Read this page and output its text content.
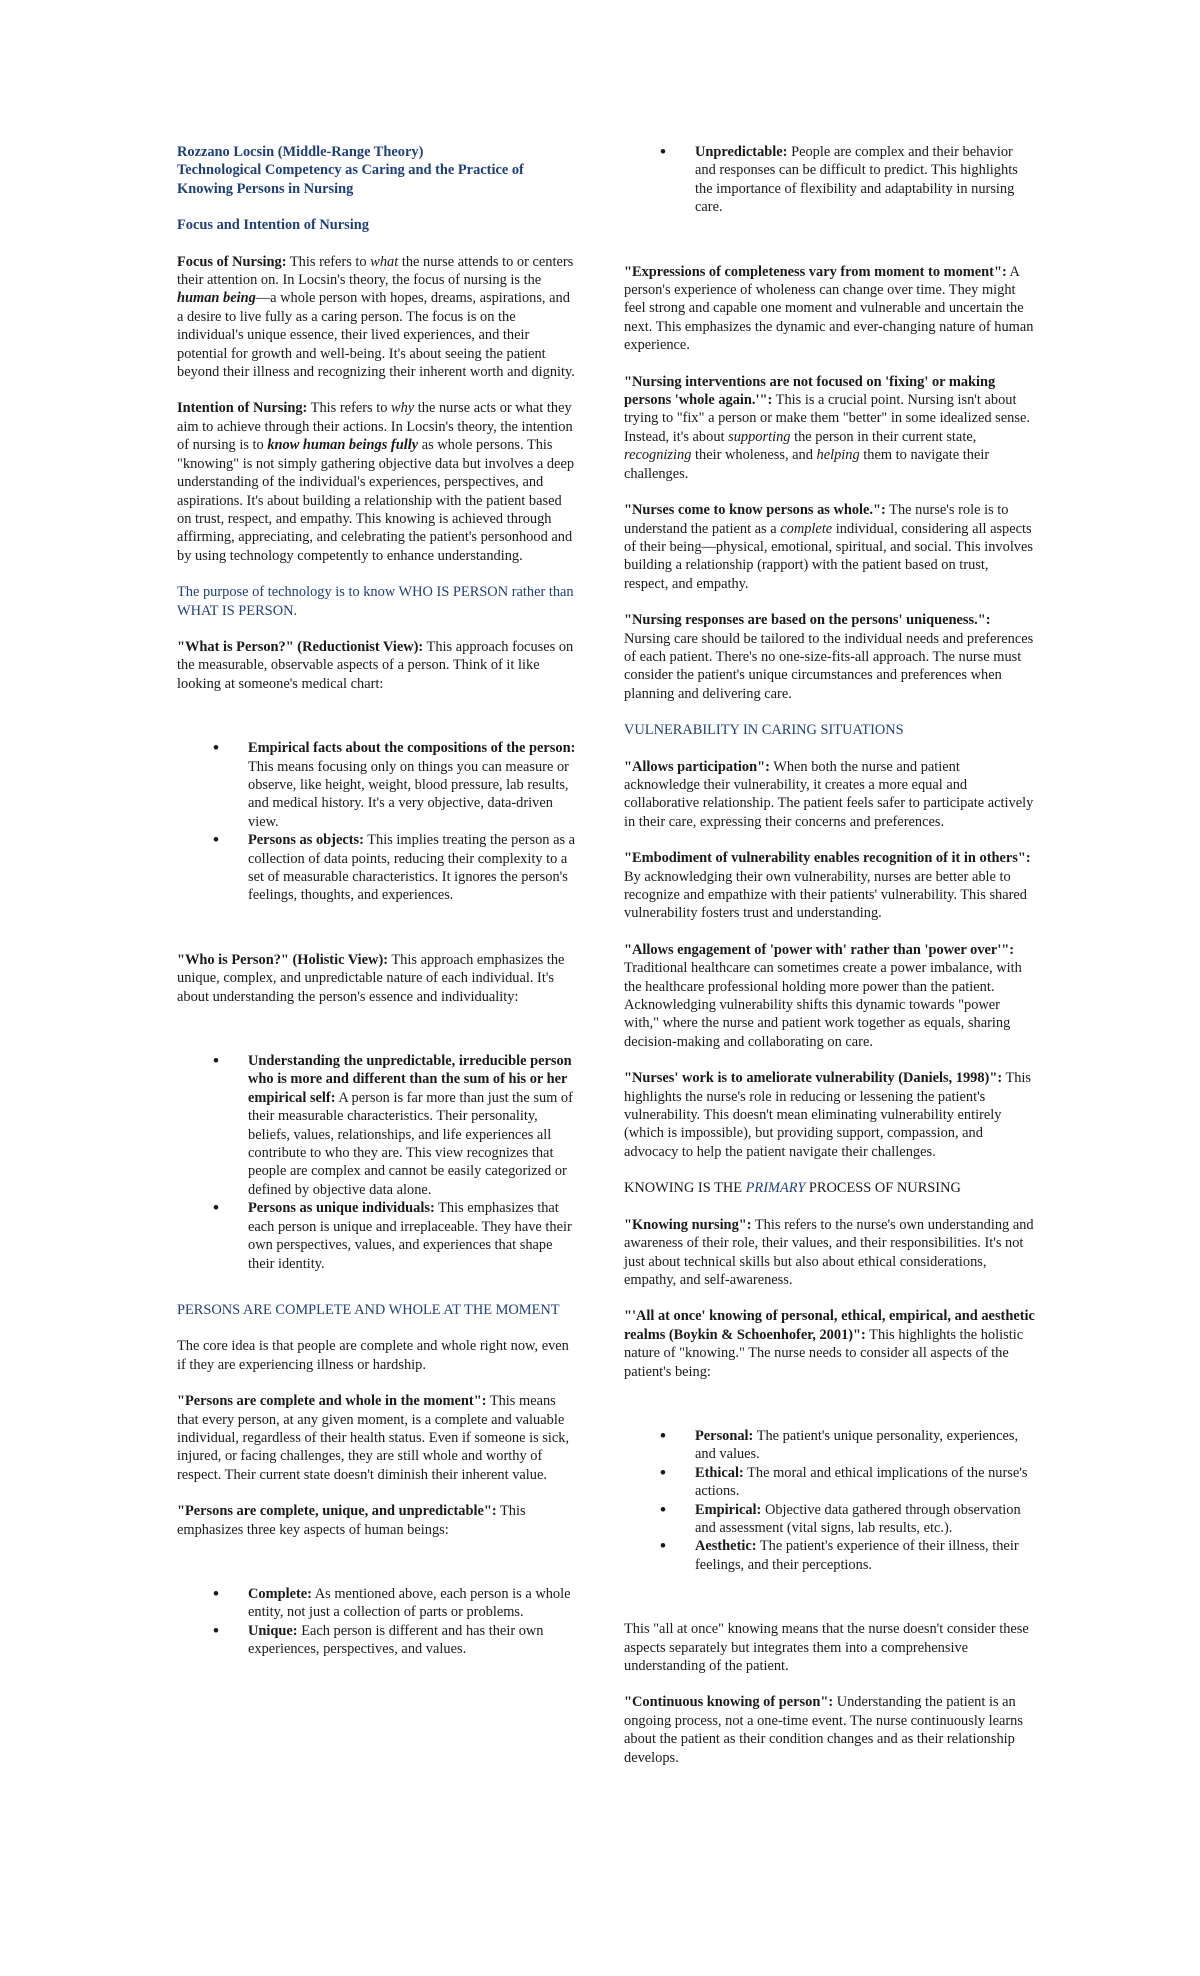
Rozzano Locsin (Middle-Range Theory)
Technological Competency as Caring and the Practice of Knowing Persons in Nursing

Focus and Intention of Nursing

Focus of Nursing: This refers to what the nurse attends to or centers their attention on. In Locsin's theory, the focus of nursing is the human being—a whole person with hopes, dreams, aspirations, and a desire to live fully as a caring person. The focus is on the individual's unique essence, their lived experiences, and their potential for growth and well-being. It's about seeing the patient beyond their illness and recognizing their inherent worth and dignity.

Intention of Nursing: This refers to why the nurse acts or what they aim to achieve through their actions. In Locsin's theory, the intention of nursing is to know human beings fully as whole persons. This "knowing" is not simply gathering objective data but involves a deep understanding of the individual's experiences, perspectives, and aspirations. It's about building a relationship with the patient based on trust, respect, and empathy. This knowing is achieved through affirming, appreciating, and celebrating the patient's personhood and by using technology competently to enhance understanding.

The purpose of technology is to know WHO IS PERSON rather than WHAT IS PERSON.

"What is Person?" (Reductionist View): This approach focuses on the measurable, observable aspects of a person. Think of it like looking at someone's medical chart:

• Empirical facts about the compositions of the person: This means focusing only on things you can measure or observe, like height, weight, blood pressure, lab results, and medical history. It's a very objective, data-driven view.
• Persons as objects: This implies treating the person as a collection of data points, reducing their complexity to a set of measurable characteristics. It ignores the person's feelings, thoughts, and experiences.

"Who is Person?" (Holistic View): This approach emphasizes the unique, complex, and unpredictable nature of each individual. It's about understanding the person's essence and individuality:

• Understanding the unpredictable, irreducible person who is more and different than the sum of his or her empirical self: A person is far more than just the sum of their measurable characteristics. Their personality, beliefs, values, relationships, and life experiences all contribute to who they are. This view recognizes that people are complex and cannot be easily categorized or defined by objective data alone.
• Persons as unique individuals: This emphasizes that each person is unique and irreplaceable. They have their own perspectives, values, and experiences that shape their identity.
PERSONS ARE COMPLETE AND WHOLE AT THE MOMENT

The core idea is that people are complete and whole right now, even if they are experiencing illness or hardship.

"Persons are complete and whole in the moment": This means that every person, at any given moment, is a complete and valuable individual, regardless of their health status. Even if someone is sick, injured, or facing challenges, they are still whole and worthy of respect. Their current state doesn't diminish their inherent value.

"Persons are complete, unique, and unpredictable": This emphasizes three key aspects of human beings:

• Complete: As mentioned above, each person is a whole entity, not just a collection of parts or problems.
• Unique: Each person is different and has their own experiences, perspectives, and values.
• Unpredictable: People are complex and their behavior and responses can be difficult to predict. This highlights the importance of flexibility and adaptability in nursing care.

"Expressions of completeness vary from moment to moment": A person's experience of wholeness can change over time. They might feel strong and capable one moment and vulnerable and uncertain the next. This emphasizes the dynamic and ever-changing nature of human experience.

"Nursing interventions are not focused on 'fixing' or making persons 'whole again.'": This is a crucial point. Nursing isn't about trying to "fix" a person or make them "better" in some idealized sense. Instead, it's about supporting the person in their current state, recognizing their wholeness, and helping them to navigate their challenges.

"Nurses come to know persons as whole.": The nurse's role is to understand the patient as a complete individual, considering all aspects of their being—physical, emotional, spiritual, and social. This involves building a relationship (rapport) with the patient based on trust, respect, and empathy.

"Nursing responses are based on the persons' uniqueness.": Nursing care should be tailored to the individual needs and preferences of each patient. There's no one-size-fits-all approach. The nurse must consider the patient's unique circumstances and preferences when planning and delivering care.

VULNERABILITY IN CARING SITUATIONS

"Allows participation": When both the nurse and patient acknowledge their vulnerability, it creates a more equal and collaborative relationship. The patient feels safer to participate actively in their care, expressing their concerns and preferences.

"Embodiment of vulnerability enables recognition of it in others": By acknowledging their own vulnerability, nurses are better able to recognize and empathize with their patients' vulnerability. This shared vulnerability fosters trust and understanding.

"Allows engagement of 'power with' rather than 'power over'": Traditional healthcare can sometimes create a power imbalance, with the healthcare professional holding more power than the patient. Acknowledging vulnerability shifts this dynamic towards "power with," where the nurse and patient work together as equals, sharing decision-making and collaborating on care.

"Nurses' work is to ameliorate vulnerability (Daniels, 1998)": This highlights the nurse's role in reducing or lessening the patient's vulnerability. This doesn't mean eliminating vulnerability entirely (which is impossible), but providing support, compassion, and advocacy to help the patient navigate their challenges.

KNOWING IS THE PRIMARY PROCESS OF NURSING

"Knowing nursing": This refers to the nurse's own understanding and awareness of their role, their values, and their responsibilities. It's not just about technical skills but also about ethical considerations, empathy, and self-awareness.

"'All at once' knowing of personal, ethical, empirical, and aesthetic realms (Boykin & Schoenhofer, 2001)": This highlights the holistic nature of "knowing." The nurse needs to consider all aspects of the patient's being:

• Personal: The patient's unique personality, experiences, and values.
• Ethical: The moral and ethical implications of the nurse's actions.
• Empirical: Objective data gathered through observation and assessment (vital signs, lab results, etc.).
• Aesthetic: The patient's experience of their illness, their feelings, and their perceptions.

This "all at once" knowing means that the nurse doesn't consider these aspects separately but integrates them into a comprehensive understanding of the patient.

"Continuous knowing of person": Understanding the patient is an ongoing process, not a one-time event. The nurse continuously learns about the patient as their condition changes and as their relationship develops.
